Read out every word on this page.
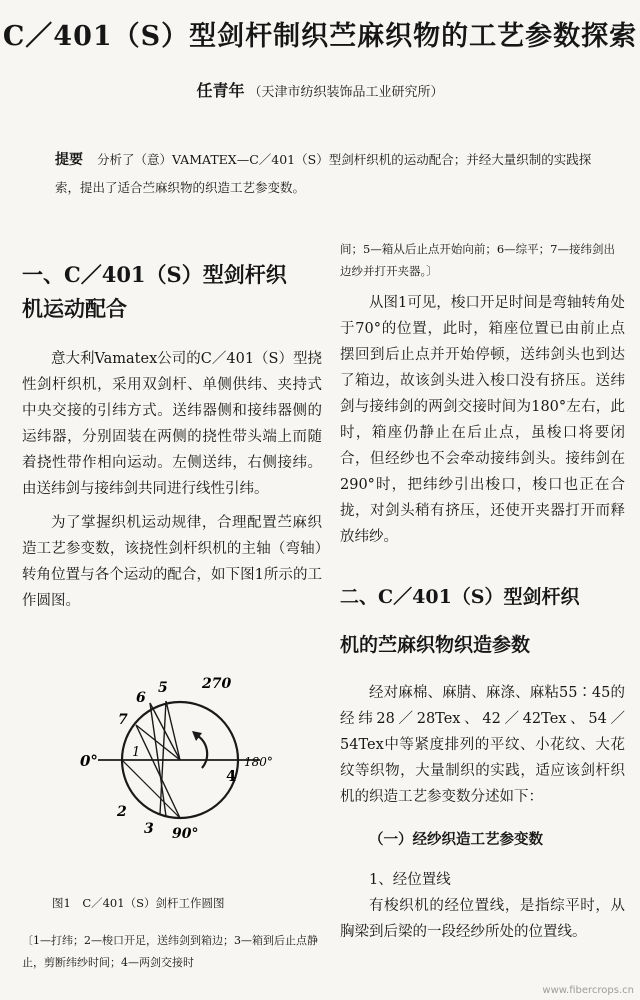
C／401（S）型剑杆制织苎麻织物的工艺参数探索
任青年 （天津市纺织装饰品工业研究所）
提要 分析了（意）VAMATEX—C／401（S）型剑杆织机的运动配合；并经大量织制的实践探索，提出了适合苎麻织物的织造工艺参变数。

一、C／401（S）型剑杆织

机运动配合

意大利Vamatex公司的C／401（S）型挠性剑杆织机，采用双剑杆、单侧供纬、夹持式中央交接的引纬方式。送纬器侧和接纬器侧的运纬器，分别固装在两侧的挠性带头端上而随着挠性带作相向运动。左侧送纬，右侧接纬。由送纬剑与接纬剑共同进行线性引纬。

为了掌握织机运动规律，合理配置苎麻织造工艺参变数，该挠性剑杆织机的主轴（弯轴）转角位置与各个运动的配合，如下图1所示的工作圆图。

270
0°	180°
90°
1
4
2
3
5
6
7
图1　C／401（S）剑杆工作圆图
〔1—打纬；2—梭口开足，送纬剑到箱边；3—箱到后止点静止，剪断纬纱时间；4—两剑交接时

间；5—箱从后止点开始向前；6—综平；7—接纬剑出边纱并打开夹器。〕

从图1可见，梭口开足时间是弯轴转角处于70°的位置，此时，箱座位置已由前止点摆回到后止点并开始停顿，送纬剑头也到达了箱边，故该剑头进入梭口没有挤压。送纬剑与接纬剑的两剑交接时间为180°左右，此时，箱座仍静止在后止点，虽梭口将要闭合，但经纱也不会牵动接纬剑头。接纬剑在290°时，把纬纱引出梭口，梭口也正在合拢，对剑头稍有挤压，还使开夹器打开而释放纬纱。

二、C／401（S）型剑杆织

机的苎麻织物织造参数

经对麻棉、麻腈、麻涤、麻粘55∶45的经纬28／28Tex、42／42Tex、54／54Tex中等紧度排列的平纹、小花纹、大花纹等织物，大量制织的实践，适应该剑杆织机的织造工艺参变数分述如下：

（一）经纱织造工艺参变数

1、经位置线

有梭织机的经位置线，是指综平时，从胸梁到后梁的一段经纱所处的位置线。

www.fibercrops.cn
